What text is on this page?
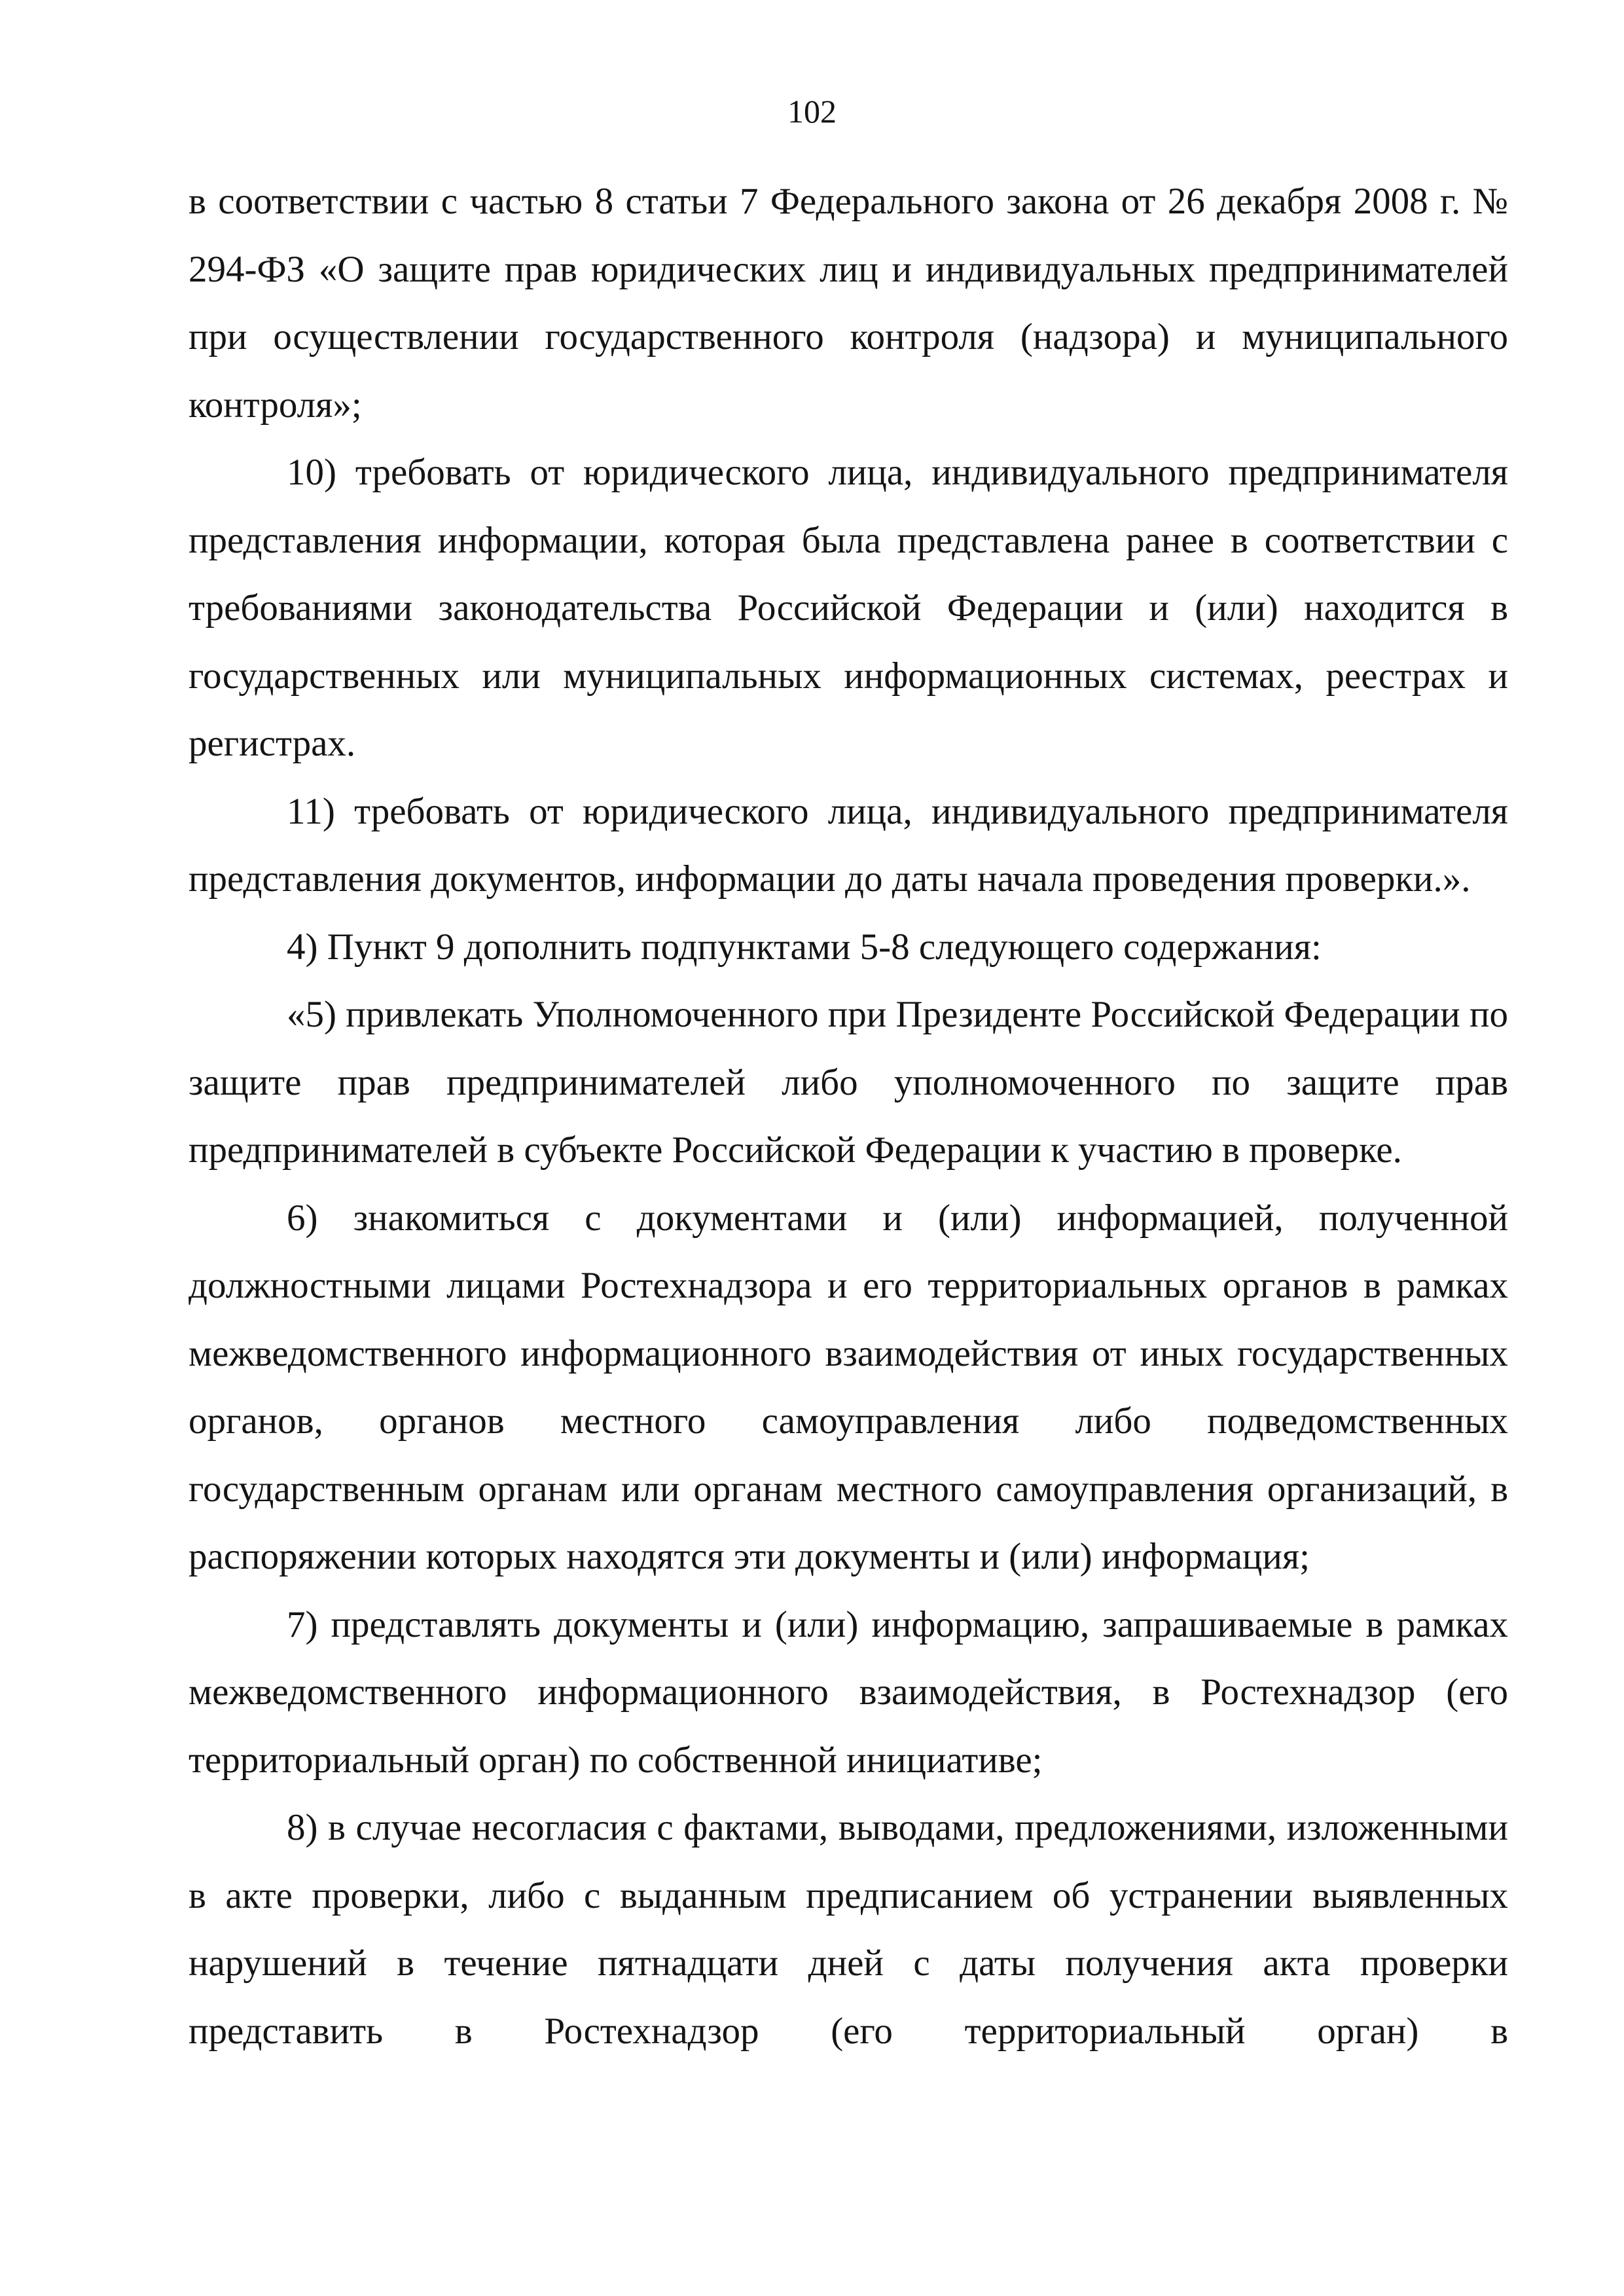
102

в соответствии с частью 8 статьи 7 Федерального закона от 26 декабря 2008 г. № 294-ФЗ «О защите прав юридических лиц и индивидуальных предпринимателей при осуществлении государственного контроля (надзора) и муниципального контроля»;

10) требовать от юридического лица, индивидуального предпринимателя представления информации, которая была представлена ранее в соответствии с требованиями законодательства Российской Федерации и (или) находится в государственных или муниципальных информационных системах, реестрах и регистрах.

11) требовать от юридического лица, индивидуального предпринимателя представления документов, информации до даты начала проведения проверки.».

4) Пункт 9 дополнить подпунктами 5-8 следующего содержания:

«5) привлекать Уполномоченного при Президенте Российской Федерации по защите прав предпринимателей либо уполномоченного по защите прав предпринимателей в субъекте Российской Федерации к участию в проверке.

6) знакомиться с документами и (или) информацией, полученной должностными лицами Ростехнадзора и его территориальных органов в рамках межведомственного информационного взаимодействия от иных государственных органов, органов местного самоуправления либо подведомственных государственным органам или органам местного самоуправления организаций, в распоряжении которых находятся эти документы и (или) информация;

7) представлять документы и (или) информацию, запрашиваемые в рамках межведомственного информационного взаимодействия, в Ростехнадзор (его территориальный орган) по собственной инициативе;

8) в случае несогласия с фактами, выводами, предложениями, изложенными в акте проверки, либо с выданным предписанием об устранении выявленных нарушений в течение пятнадцати дней с даты получения акта проверки представить в Ростехнадзор (его территориальный орган) в
